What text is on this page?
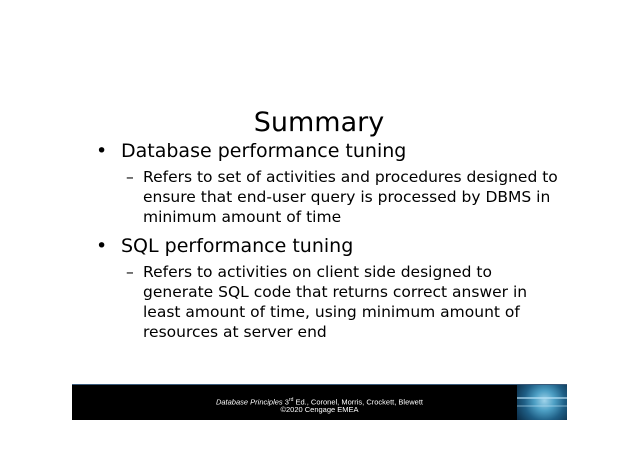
Summary

• Database performance tuning

– Refers to set of activities and procedures designed to ensure that end-user query is processed by DBMS in minimum amount of time

• SQL performance tuning

– Refers to activities on client side designed to generate SQL code that returns correct answer in least amount of time, using minimum amount of resources at server end

Database Principles 3rd Ed., Coronel, Morris, Crockett, Blewett
©2020 Cengage EMEA
